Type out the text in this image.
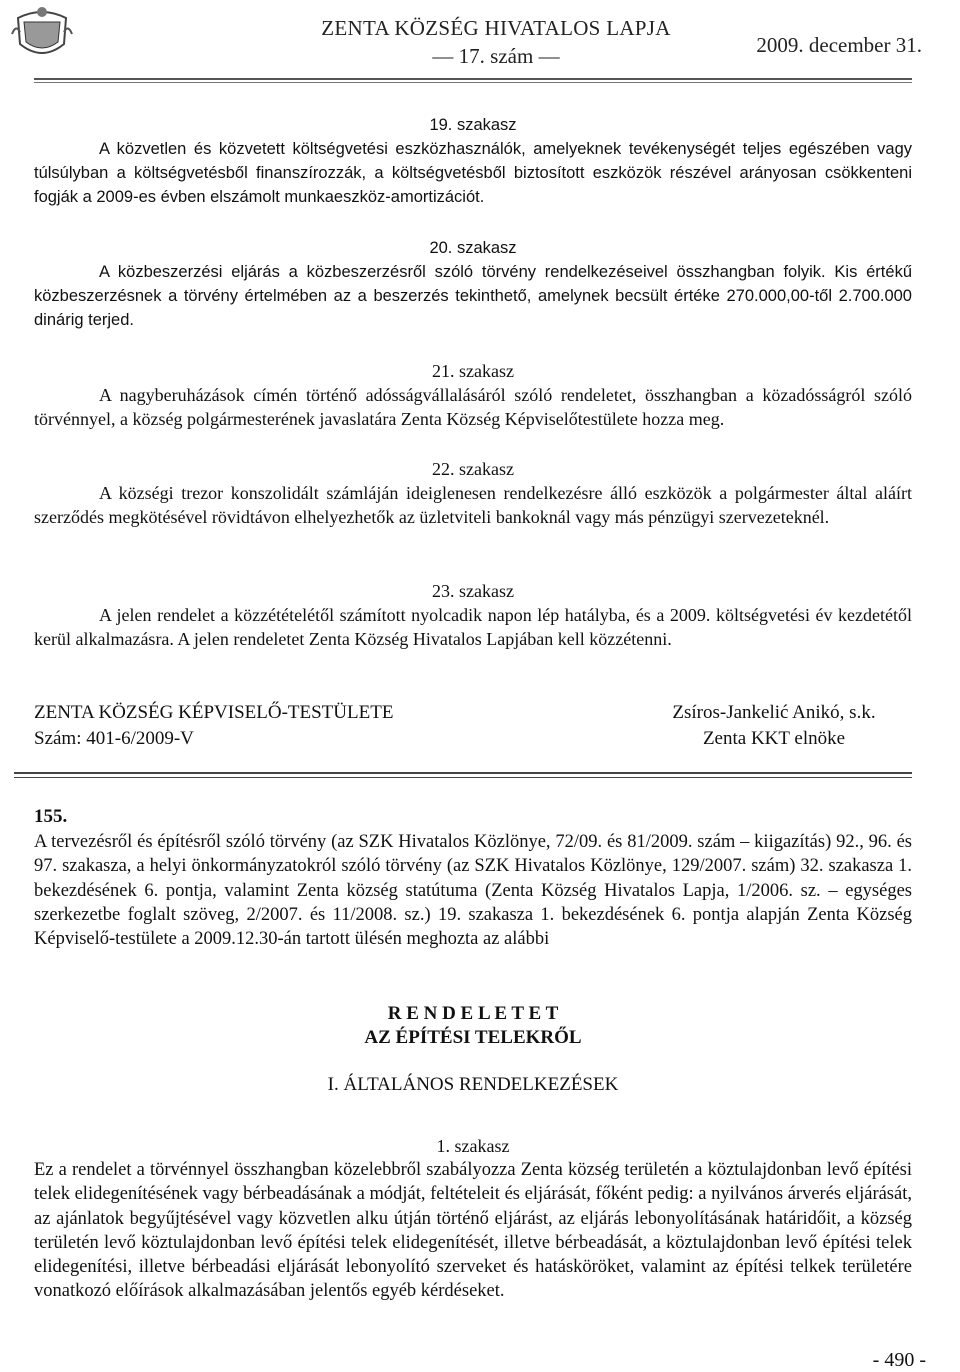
ZENTA KÖZSÉG HIVATALOS LAPJA
— 17. szám —	2009. december 31.
19. szakasz
A közvetlen és közvetett költségvetési eszközhasználók, amelyeknek tevékenységét teljes egészében vagy túlsúlyban a költségvetésből finanszírozzák, a költségvetésből biztosított eszközök részével arányosan csökkenteni fogják a 2009-es évben elszámolt munkaeszköz-amortizációt.
20. szakasz
A közbeszerzési eljárás a közbeszerzésről szóló törvény rendelkezéseivel összhangban folyik. Kis értékű közbeszerzésnek a törvény értelmében az a beszerzés tekinthető, amelynek becsült értéke 270.000,00-től 2.700.000 dinárig terjed.
21. szakasz
A nagyberuházások címén történő adósságvállalásáról szóló rendeletet, összhangban a közadósságról szóló törvénnyel, a község polgármesterének javaslatára Zenta Község Képviselőtestülete hozza meg.
22. szakasz
A községi trezor konszolidált számláján ideiglenesen rendelkezésre álló eszközök a polgármester által aláírt szerződés megkötésével rövidtávon elhelyezhetők az üzletviteli bankoknál vagy más pénzügyi szervezeteknél.
23. szakasz
A jelen rendelet a közzétételétől számított nyolcadik napon lép hatályba, és a 2009. költségvetési év kezdetétől kerül alkalmazásra. A jelen rendeletet Zenta Község Hivatalos Lapjában kell közzétenni.
ZENTA KÖZSÉG KÉPVISELŐ-TESTÜLETE
Szám: 401-6/2009-V
Zsíros-Jankelić Anikó, s.k.
Zenta KKT elnöke
155.
A tervezésről és építésről szóló törvény (az SZK Hivatalos Közlönye, 72/09. és 81/2009. szám – kiigazítás) 92., 96. és 97. szakasza, a helyi önkormányzatokról szóló törvény (az SZK Hivatalos Közlönye, 129/2007. szám) 32. szakasza 1. bekezdésének 6. pontja, valamint Zenta község statútuma (Zenta Község Hivatalos Lapja, 1/2006. sz. – egységes szerkezetbe foglalt szöveg, 2/2007. és 11/2008. sz.) 19. szakasza 1. bekezdésének 6. pontja alapján Zenta Község Képviselő-testülete a 2009.12.30-án tartott ülésén meghozta az alábbi
R E N D E L E T E T
AZ ÉPÍTÉSI TELEKRŐL
I. ÁLTALÁNOS RENDELKEZÉSEK
1. szakasz
Ez a rendelet a törvénnyel összhangban közelebbről szabályozza Zenta község területén a köztulajdonban levő építési telek elidegenítésének vagy bérbeadásának a módját, feltételeit és eljárását, főként pedig: a nyilvános árverés eljárását, az ajánlatok begyűjtésével vagy közvetlen alku útján történő eljárást, az eljárás lebonyolításának határidőit, a község területén levő köztulajdonban levő építési telek elidegenítését, illetve bérbeadását, a köztulajdonban levő építési telek elidegenítési, illetve bérbeadási eljárását lebonyolító szerveket és hatásköröket, valamint az építési telkek területére vonatkozó előírások alkalmazásában jelentős egyéb kérdéseket.
- 490 -
